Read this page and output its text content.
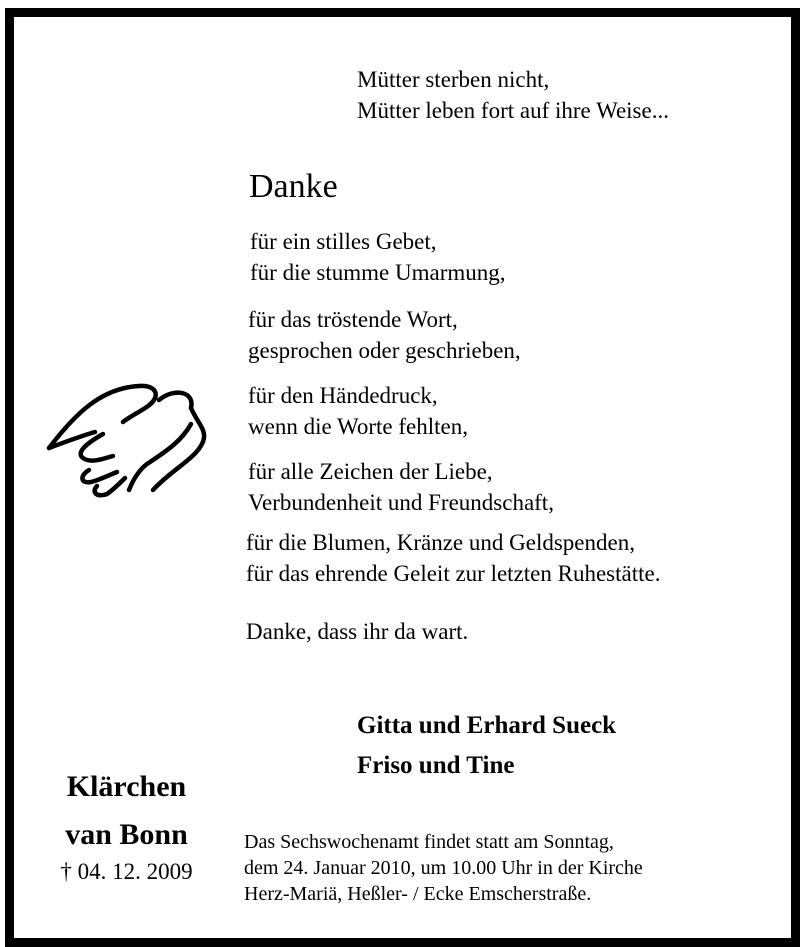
Mütter sterben nicht,
Mütter leben fort auf ihre Weise...
Danke
für ein stilles Gebet,
für die stumme Umarmung,
für das tröstende Wort,
gesprochen oder geschrieben,
für den Händedruck,
wenn die Worte fehlten,
für alle Zeichen der Liebe,
Verbundenheit und Freundschaft,
für die Blumen, Kränze und Geldspenden,
für das ehrende Geleit zur letzten Ruhestätte.
Danke, dass ihr da wart.
Gitta und Erhard Sueck
Friso und Tine
Klärchen
van Bonn
† 04. 12. 2009
Das Sechswochenamt findet statt am Sonntag,
dem 24. Januar 2010, um 10.00 Uhr in der Kirche
Herz-Mariä, Heßler- / Ecke Emscherstraße.
